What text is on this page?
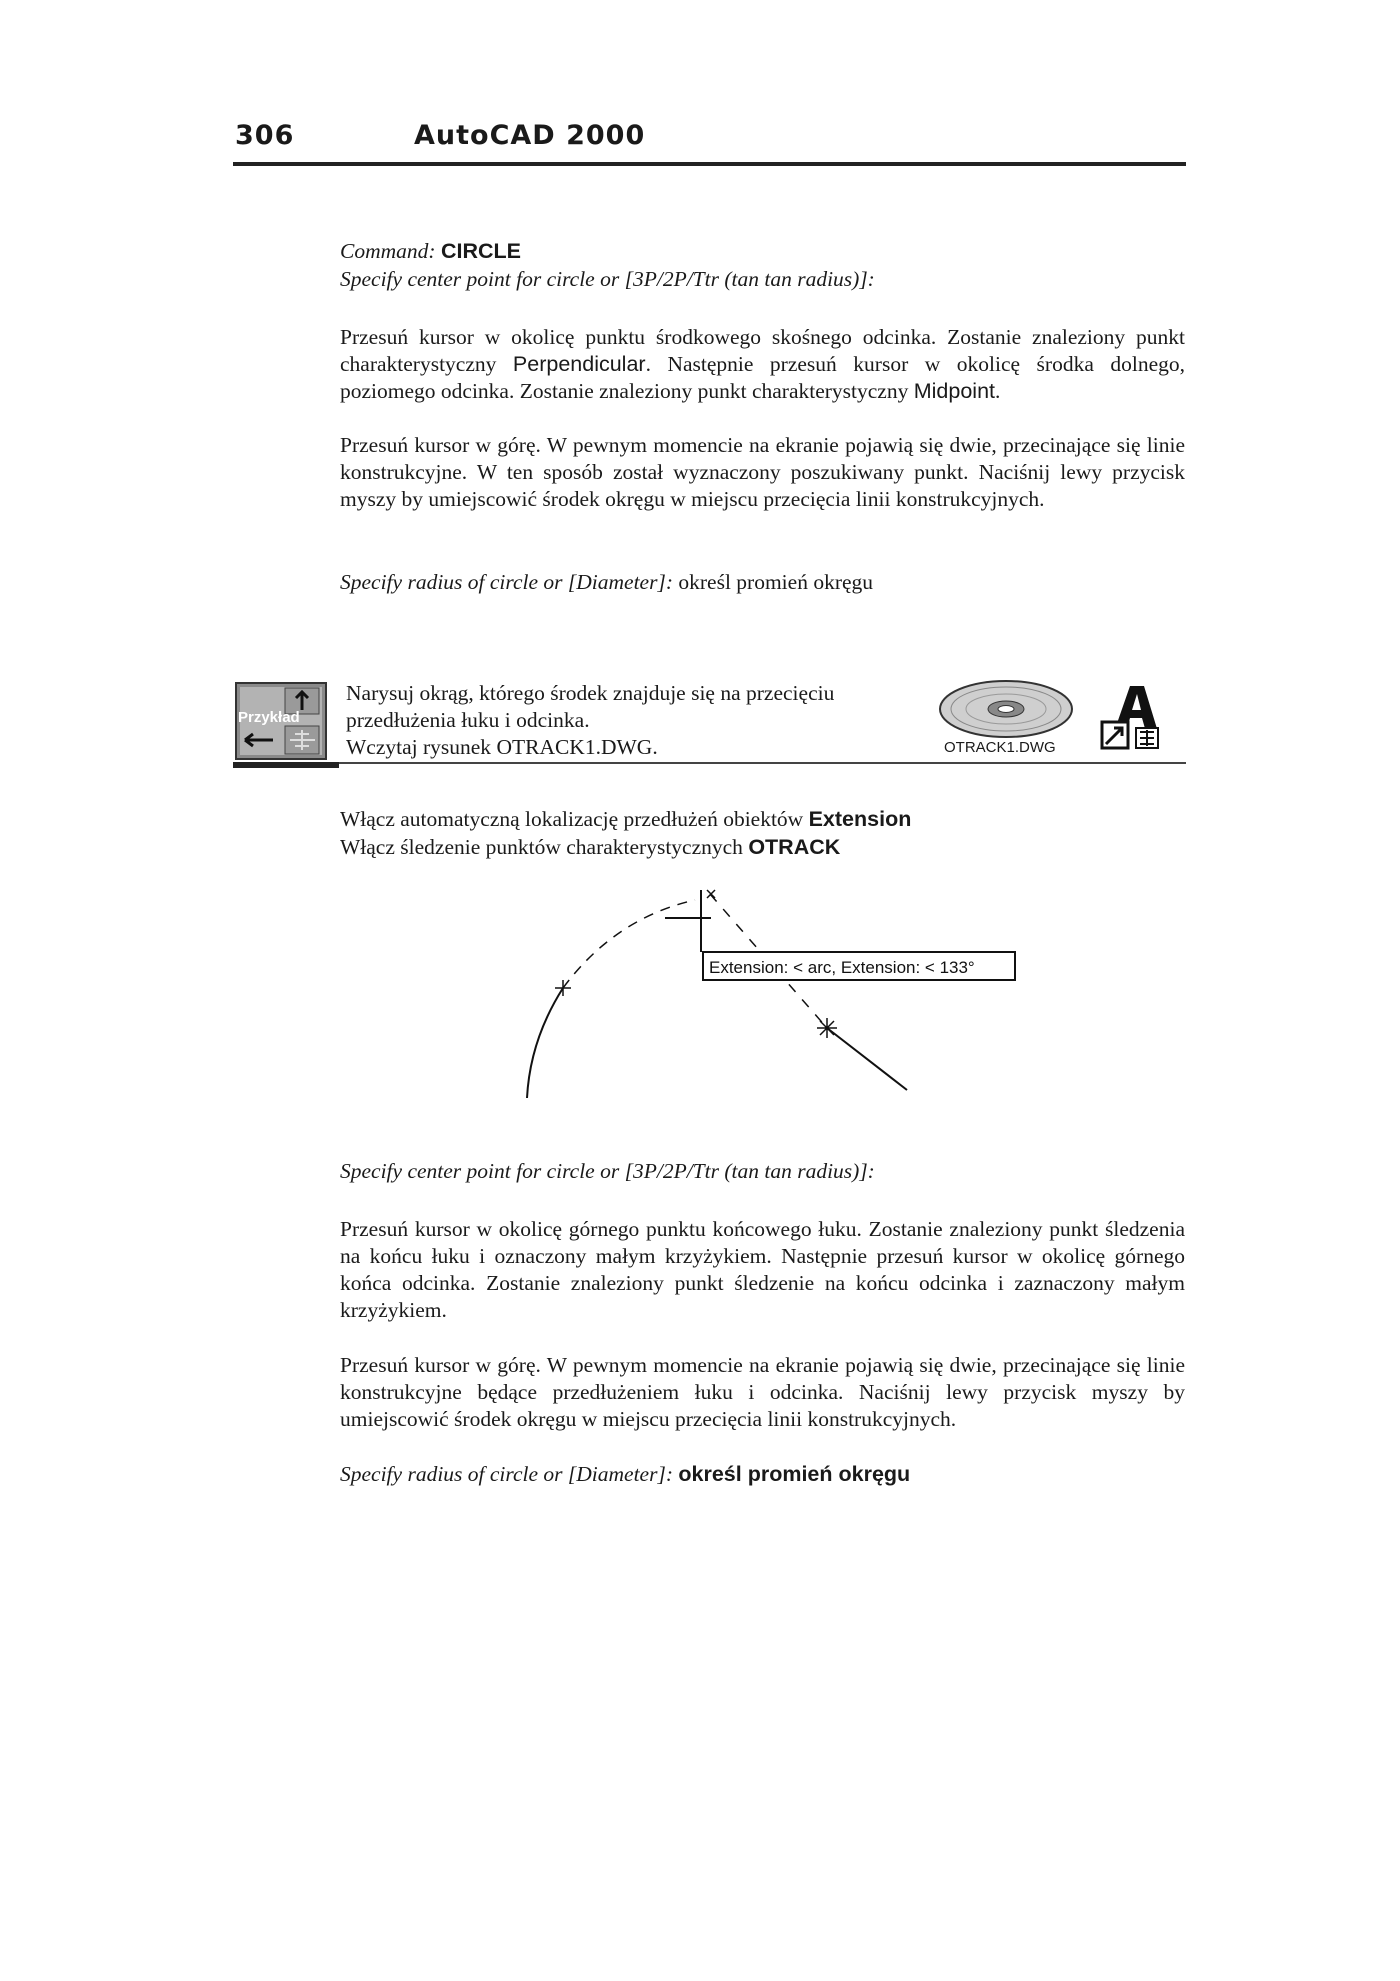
306	AutoCAD 2000
Command: CIRCLE
Specify center point for circle or [3P/2P/Ttr (tan tan radius)]:
Przesuń kursor w okolicę punktu środkowego skośnego odcinka. Zostanie znaleziony punkt charakterystyczny Perpendicular. Następnie przesuń kursor w okolicę środka dolnego, poziomego odcinka. Zostanie znaleziony punkt charakterystyczny Midpoint.
Przesuń kursor w górę. W pewnym momencie na ekranie pojawią się dwie, przecinające się linie konstrukcyjne. W ten sposób został wyznaczony poszukiwany punkt. Naciśnij lewy przycisk myszy by umiejscowić środek okręgu w miejscu przecięcia linii konstrukcyjnych.
Specify radius of circle or [Diameter]: określ promień okręgu
Przykład
Narysuj okrąg, którego środek znajduje się na przecięciu
przedłużenia łuku i odcinka.
Wczytaj rysunek OTRACK1.DWG.	OTRACK1.DWG
Włącz automatyczną lokalizację przedłużeń obiektów Extension
Włącz śledzenie punktów charakterystycznych OTRACK
Extension: < arc, Extension: < 133°
Specify center point for circle or [3P/2P/Ttr (tan tan radius)]:
Przesuń kursor w okolicę górnego punktu końcowego łuku. Zostanie znaleziony punkt śledzenia na końcu łuku i oznaczony małym krzyżykiem. Następnie przesuń kursor w okolicę górnego końca odcinka. Zostanie znaleziony punkt śledzenie na końcu odcinka i zaznaczony małym krzyżykiem.
Przesuń kursor w górę. W pewnym momencie na ekranie pojawią się dwie, przecinające się linie konstrukcyjne będące przedłużeniem łuku i odcinka. Naciśnij lewy przycisk myszy by umiejscowić środek okręgu w miejscu przecięcia linii konstrukcyjnych.
Specify radius of circle or [Diameter]: określ promień okręgu
